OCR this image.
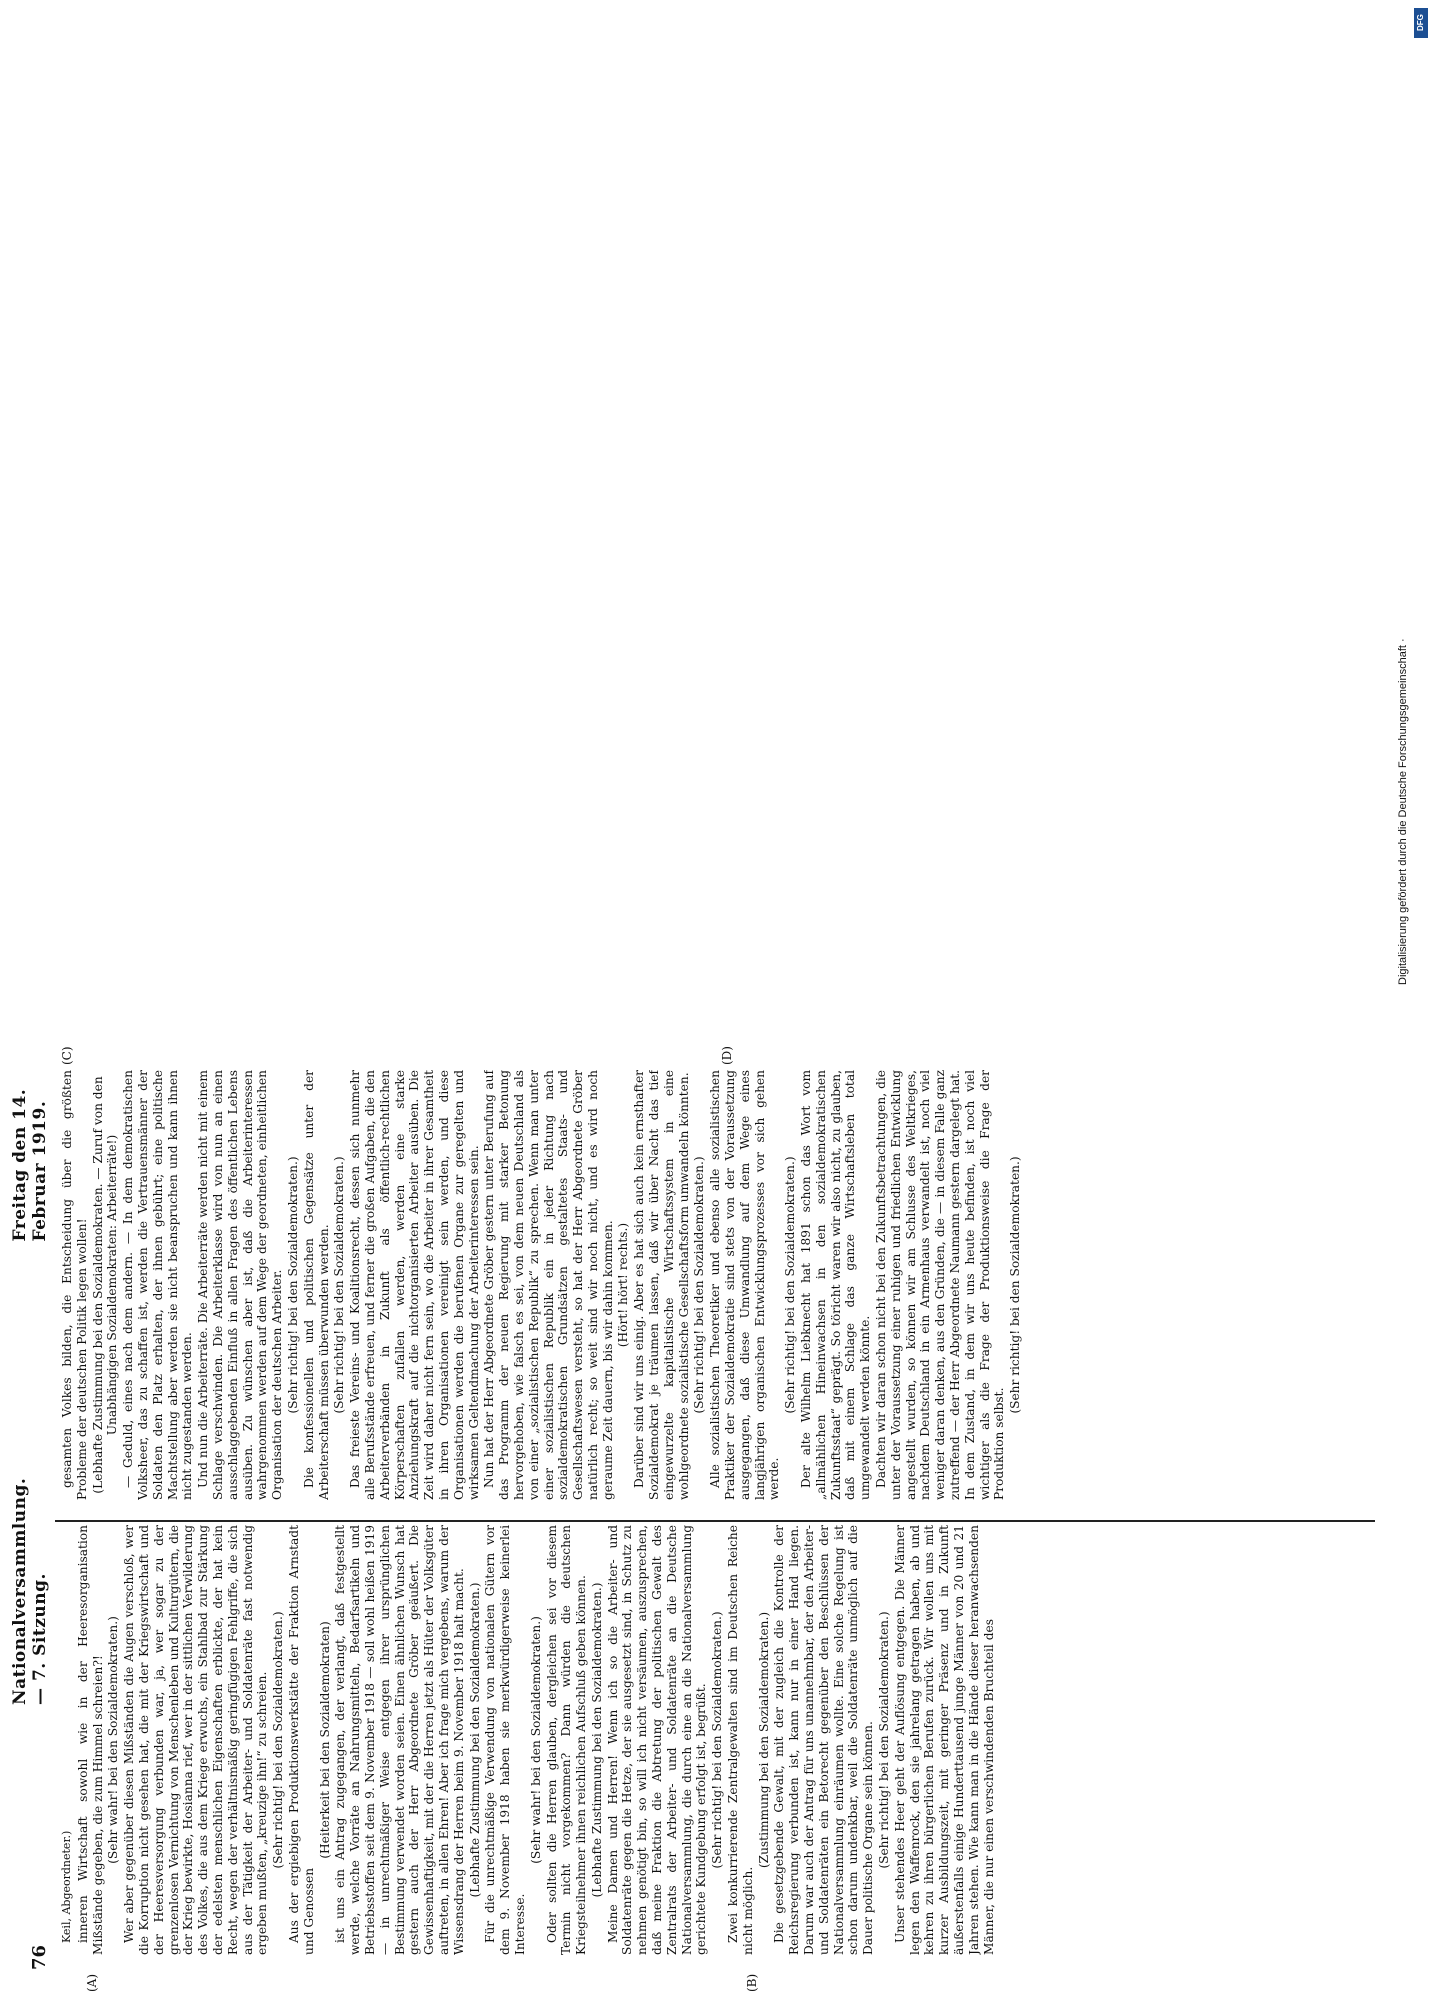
76
Nationalversammlung. — 7. Sitzung.
Freitag den 14. Februar 1919.
(A)	(B)
(C)	(D)

Keil, Abgeordneter.) inneren Wirtschaft sowohl wie in der Heeresorganisation Mißstände gegeben, die zum Himmel schreien?! (Sehr wahr! bei den Sozialdemokraten.) Wer aber gegenüber diesen Mißständen die Augen verschloß, wer die Korruption nicht gesehen hat, die mit der Kriegswirtschaft und der Heeresversorgung verbunden war, ja, wer sogar zu der grenzenlosen Vernichtung von Menschenleben und Kulturgütern, die der Krieg bewirkte, Hosianna rief, wer in der sittlichen Verwilderung des Volkes, die aus dem Kriege erwuchs, ein Stahlbad zur Stärkung der edelsten menschlichen Eigenschaften erblickte, der hat kein Recht, wegen der verhältnismäßig geringfügigen Fehlgriffe, die sich aus der Tätigkeit der Arbeiter- und Soldatenräte fast notwendig ergeben mußten, „kreuzige ihn!“ zu schreien. (Sehr richtig! bei den Sozialdemokraten.) Aus der ergiebigen Produktionswerkstätte der Fraktion Arnstadt und Genossen

(Heiterkeit bei den Sozialdemokraten) ist uns ein Antrag zugegangen, der verlangt, daß festgestellt werde, welche Vorräte an Nahrungsmitteln, Bedarfsartikeln und Betriebsstoffen seit dem 9. November 1918 — soll wohl heißen 1919 — in unrechtmäßiger Weise entgegen ihrer ursprünglichen Bestimmung verwendet worden seien. Einen ähnlichen Wunsch hat gestern auch der Herr Abgeordnete Gröber geäußert. Die Gewissenhaftigkeit, mit der die Herren jetzt als Hüter der Volksgüter auftreten, in allen Ehren! Aber ich frage mich vergebens, warum der Wissensdrang der Herren beim 9. November 1918 halt macht. (Lebhafte Zustimmung bei den Sozialdemokraten.) Für die unrechtmäßige Verwendung von nationalen Gütern vor dem 9. November 1918 haben sie merkwürdigerweise keinerlei Interesse.

(Sehr wahr! bei den Sozialdemokraten.) Oder sollten die Herren glauben, dergleichen sei vor diesem Termin nicht vorgekommen? Dann würden die deutschen Kriegsteilnehmer ihnen reichlichen Aufschluß geben können. (Lebhafte Zustimmung bei den Sozialdemokraten.) Meine Damen und Herren! Wenn ich so die Arbeiter- und Soldatenräte gegen die Hetze, der sie ausgesetzt sind, in Schutz zu nehmen genötigt bin, so will ich nicht versäumen, auszusprechen, daß meine Fraktion die Abtretung der politischen Gewalt des Zentralrats der Arbeiter- und Soldatenräte an die Deutsche Nationalversammlung, die durch eine an die Nationalversammlung gerichtete Kundgebung erfolgt ist, begrüßt. (Sehr richtig! bei den Sozialdemokraten.) Zwei konkurrierende Zentralgewalten sind im Deutschen Reiche nicht möglich.

(Zustimmung bei den Sozialdemokraten.) Die gesetzgebende Gewalt, mit der zugleich die Kontrolle der Reichsregierung verbunden ist, kann nur in einer Hand liegen. Darum war auch der Antrag für uns unannehmbar, der den Arbeiter- und Soldatenräten ein Betorecht gegenüber den Beschlüssen der Nationalversammlung einräumen wollte. Eine solche Regelung ist schon darum undenkbar, weil die Soldatenräte unmöglich auf die Dauer politische Organe sein können. (Sehr richtig! bei den Sozialdemokraten.) Unser stehendes Heer geht der Auflösung entgegen. Die Männer legen den Waffenrock, den sie jahrelang getragen haben, ab und kehren zu ihren bürgerlichen Berufen zurück. Wir wollen uns mit kurzer Ausbildungszeit, mit geringer Präsenz und in Zukunft äußerstenfalls einige Hunderttausend junge Männer von 20 und 21 Jahren stehen. Wie kann man in die Hände dieser heranwachsenden Männer, die nur einen verschwindenden Bruchteil des

gesamten Volkes bilden, die Entscheidung über die größten Probleme der deutschen Politik legen wollen! (Lebhafte Zustimmung bei den Sozialdemokraten. — Zuruf von den Unabhängigen Sozialdemokraten: Arbeiterräte!) — Geduld, eines nach dem andern. — In dem demokratischen Volksheer, das zu schaffen ist, werden die Vertrauensmänner der Soldaten den Platz erhalten, der ihnen gebührt; eine politische Machtstellung aber werden sie nicht beanspruchen und kann ihnen nicht zugestanden werden. Und nun die Arbeiterräte. Die Arbeiterräte werden nicht mit einem Schlage verschwinden. Die Arbeiterklasse wird von nun an einen ausschlaggebenden Einfluß in allen Fragen des öffentlichen Lebens ausüben. Zu wünschen aber ist, daß die Arbeiterinteressen wahrgenommen werden auf dem Wege der geordneten, einheitlichen Organisation der deutschen Arbeiter. (Sehr richtig! bei den Sozialdemokraten.) Die konfessionellen und politischen Gegensätze unter der Arbeiterschaft müssen überwunden werden. (Sehr richtig! bei den Sozialdemokraten.) Das freieste Vereins- und Koalitionsrecht, dessen sich nunmehr alle Berufsstände erfreuen, und ferner die großen Aufgaben, die den Arbeiterverbänden in Zukunft als öffentlich-rechtlichen Körperschaften zufallen werden, werden eine starke Anziehungskraft auf die nichtorganisierten Arbeiter ausüben. Die Zeit wird daher nicht fern sein, wo die Arbeiter in ihrer Gesamtheit in ihren Organisationen vereinigt sein werden, und diese Organisationen werden die berufenen Organe zur geregelten und wirksamen Geltendmachung der Arbeiterinteressen sein. Nun hat der Herr Abgeordnete Gröber gestern unter Berufung auf das Programm der neuen Regierung mit starker Betonung hervorgehoben, wie falsch es sei, von dem neuen Deutschland als von einer „sozialistischen Republik“ zu sprechen. Wenn man unter einer sozialistischen Republik ein in jeder Richtung nach sozialdemokratischen Grundsätzen gestaltetes Staats- und Gesellschaftswesen versteht, so hat der Herr Abgeordnete Gröber natürlich recht; so weit sind wir noch nicht, und es wird noch geraume Zeit dauern, bis wir dahin kommen. (Hört! hört! rechts.) Darüber sind wir uns einig. Aber es hat sich auch kein ernsthafter Sozialdemokrat je träumen lassen, daß wir über Nacht das tief eingewurzelte kapitalistische Wirtschaftssystem in eine wohlgeordnete sozialistische Gesellschaftsform umwandeln könnten. (Sehr richtig! bei den Sozialdemokraten.) Alle sozialistischen Theoretiker und ebenso alle sozialistischen Praktiker der Sozialdemokratie sind stets von der Voraussetzung ausgegangen, daß diese Umwandlung auf dem Wege eines langjährigen organischen Entwicklungsprozesses vor sich gehen werde.

(Sehr richtig! bei den Sozialdemokraten.) Der alte Wilhelm Liebknecht hat 1891 schon das Wort vom „allmählichen Hineinwachsen in den sozialdemokratischen Zukunftsstaat“ geprägt. So töricht waren wir also nicht, zu glauben, daß mit einem Schlage das ganze Wirtschaftsleben total umgewandelt werden könnte. Dachten wir daran schon nicht bei den Zukunftsbetrachtungen, die unter der Voraussetzung einer ruhigen und friedlichen Entwicklung angestellt wurden, so können wir am Schlusse des Weltkrieges, nachdem Deutschland in ein Armenhaus verwandelt ist, noch viel weniger daran denken, aus den Gründen, die — in diesem Falle ganz zutreffend — der Herr Abgeordnete Naumann gestern dargelegt hat. In dem Zustand, in dem wir uns heute befinden, ist noch viel wichtiger als die Frage der Produktionsweise die Frage der Produktion selbst.

(Sehr richtig! bei den Sozialdemokraten.)

DFG
Digitalisierung gefördert durch die Deutsche Forschungsgemeinschaft ·
